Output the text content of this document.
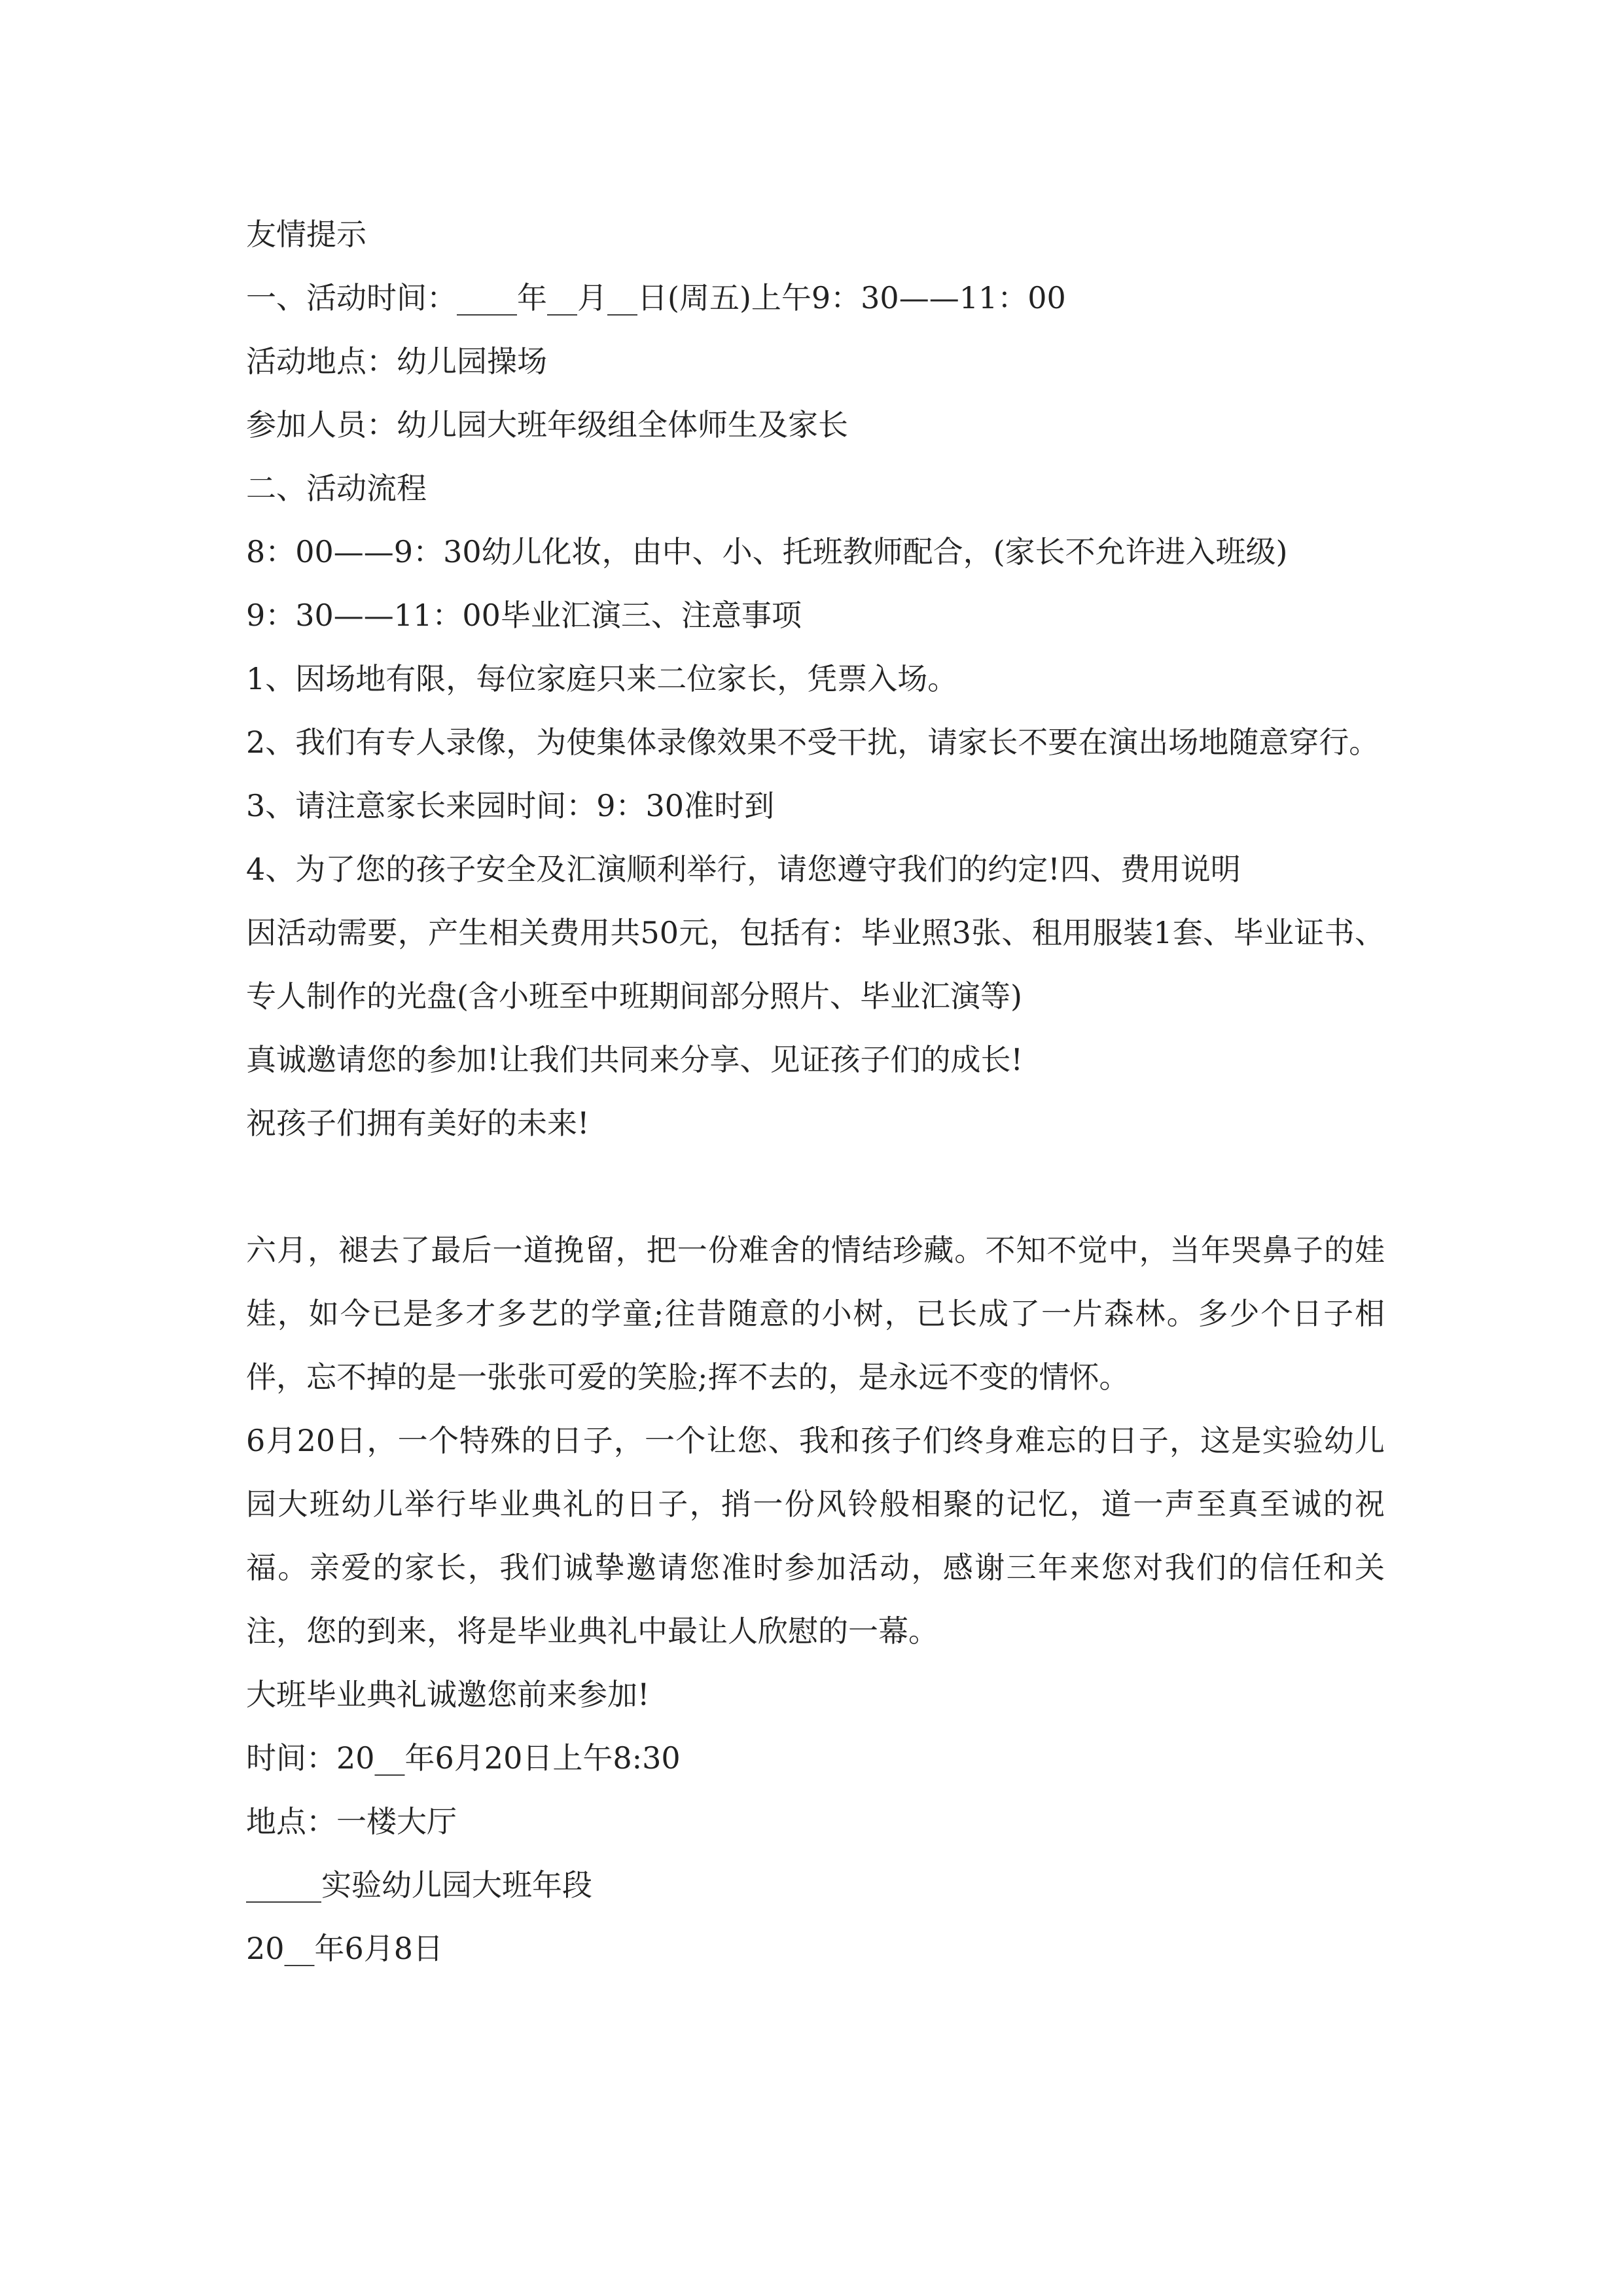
友情提示
一、活动时间：____年__月__日(周五)上午9：30——11：00
活动地点：幼儿园操场
参加人员：幼儿园大班年级组全体师生及家长
二、活动流程
8：00——9：30幼儿化妆，由中、小、托班教师配合，(家长不允许进入班级)
9：30——11：00毕业汇演三、注意事项
1、因场地有限，每位家庭只来二位家长，凭票入场。
2、我们有专人录像，为使集体录像效果不受干扰，请家长不要在演出场地随意穿行。
3、请注意家长来园时间：9：30准时到
4、为了您的孩子安全及汇演顺利举行，请您遵守我们的约定!四、费用说明
因活动需要，产生相关费用共50元，包括有：毕业照3张、租用服装1套、毕业证书、专人制作的光盘(含小班至中班期间部分照片、毕业汇演等)
真诚邀请您的参加!让我们共同来分享、见证孩子们的成长!
祝孩子们拥有美好的未来!
六月，褪去了最后一道挽留，把一份难舍的情结珍藏。不知不觉中，当年哭鼻子的娃娃，如今已是多才多艺的学童;往昔随意的小树，已长成了一片森林。多少个日子相伴，忘不掉的是一张张可爱的笑脸;挥不去的，是永远不变的情怀。
6月20日，一个特殊的日子，一个让您、我和孩子们终身难忘的日子，这是实验幼儿园大班幼儿举行毕业典礼的日子，捎一份风铃般相聚的记忆，道一声至真至诚的祝福。亲爱的家长，我们诚挚邀请您准时参加活动，感谢三年来您对我们的信任和关注，您的到来，将是毕业典礼中最让人欣慰的一幕。
大班毕业典礼诚邀您前来参加!
时间：20__年6月20日上午8:30
地点：一楼大厅
_____实验幼儿园大班年段
20__年6月8日
